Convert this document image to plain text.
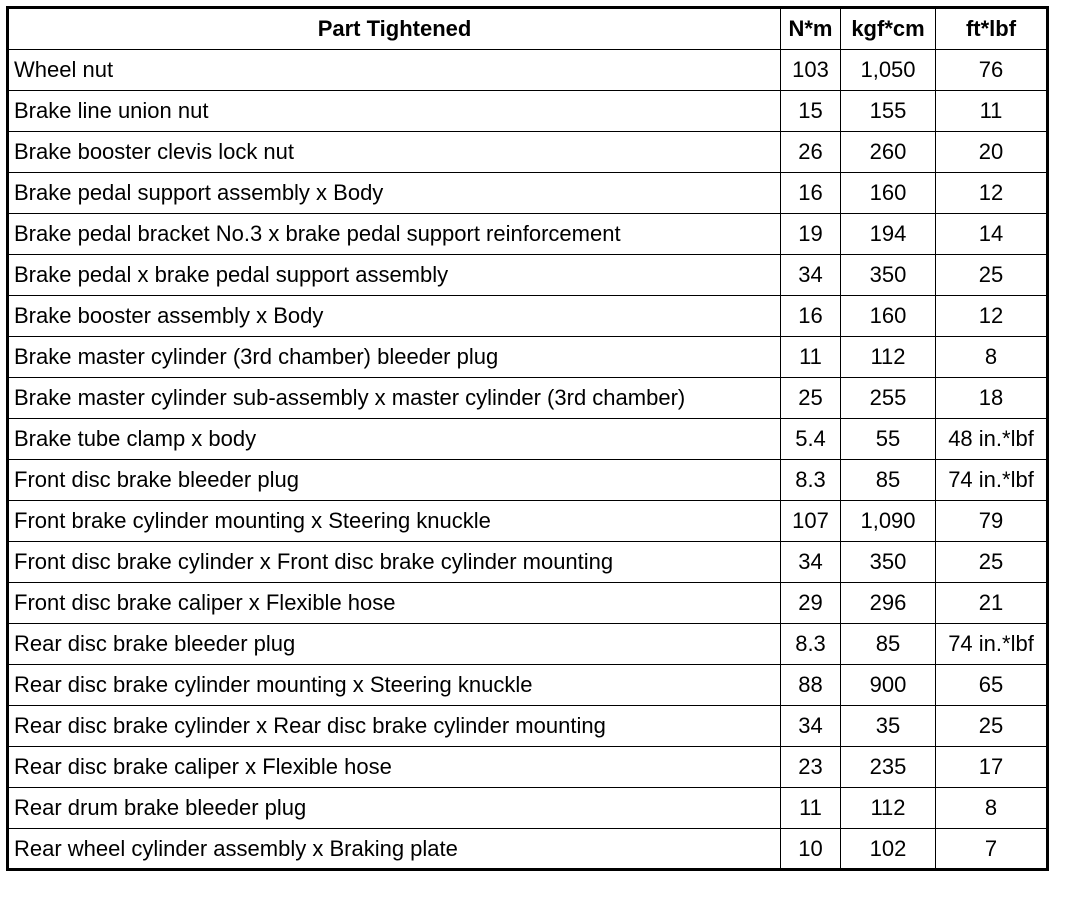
Part Tightened	N*m	kgf*cm	ft*lbf
Wheel nut	103	1,050	76
Brake line union nut	15	155	11
Brake booster clevis lock nut	26	260	20
Brake pedal support assembly x Body	16	160	12
Brake pedal bracket No.3 x brake pedal support reinforcement	19	194	14
Brake pedal x brake pedal support assembly	34	350	25
Brake booster assembly x Body	16	160	12
Brake master cylinder (3rd chamber) bleeder plug	11	112	8
Brake master cylinder sub-assembly x master cylinder (3rd chamber)	25	255	18
Brake tube clamp x body	5.4	55	48 in.*lbf
Front disc brake bleeder plug	8.3	85	74 in.*lbf
Front brake cylinder mounting x Steering knuckle	107	1,090	79
Front disc brake cylinder x Front disc brake cylinder mounting	34	350	25
Front disc brake caliper x Flexible hose	29	296	21
Rear disc brake bleeder plug	8.3	85	74 in.*lbf
Rear disc brake cylinder mounting x Steering knuckle	88	900	65
Rear disc brake cylinder x Rear disc brake cylinder mounting	34	35	25
Rear disc brake caliper x Flexible hose	23	235	17
Rear drum brake bleeder plug	11	112	8
Rear wheel cylinder assembly x Braking plate	10	102	7
